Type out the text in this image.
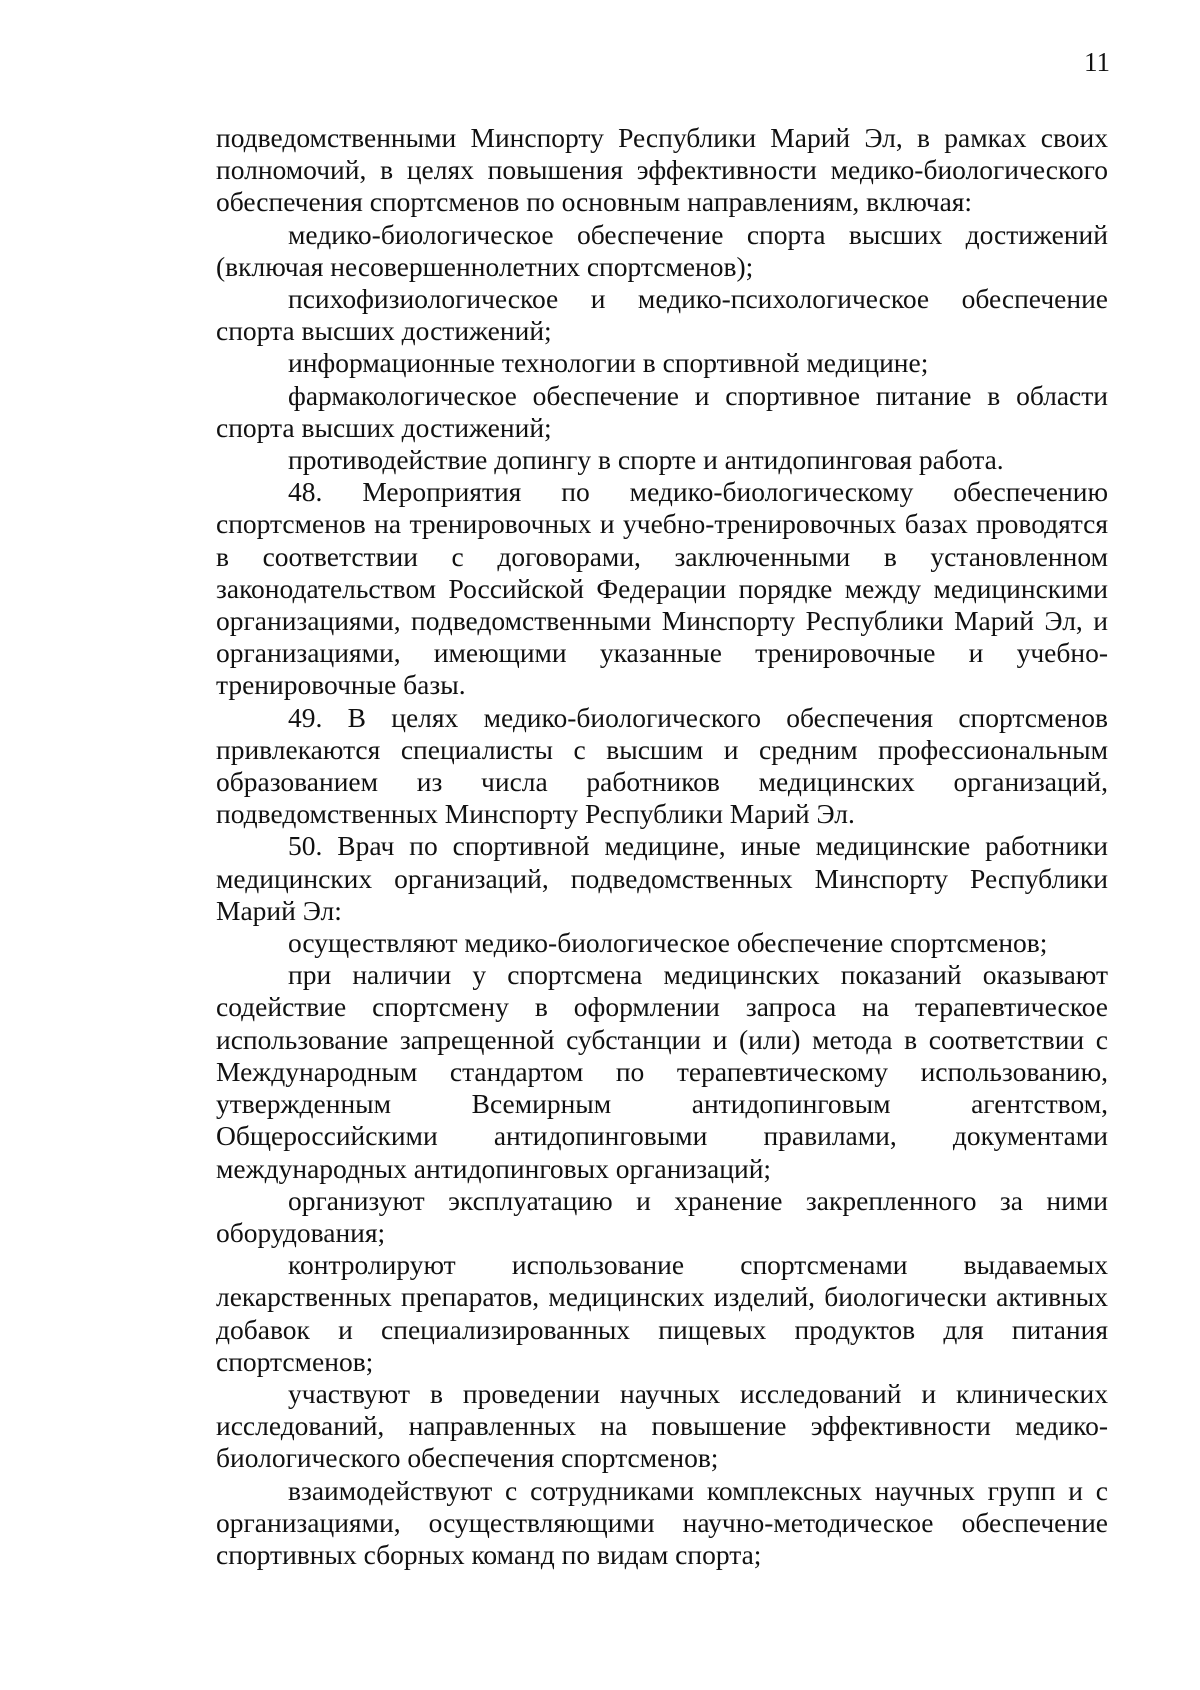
11

подведомственными Минспорту Республики Марий Эл, в рамках своих полномочий, в целях повышения эффективности медико-биологического обеспечения спортсменов по основным направлениям, включая:

медико-биологическое обеспечение спорта высших достижений (включая несовершеннолетних спортсменов);

психофизиологическое и медико-психологическое обеспечение спорта высших достижений;

информационные технологии в спортивной медицине;

фармакологическое обеспечение и спортивное питание в области спорта высших достижений;

противодействие допингу в спорте и антидопинговая работа.

48. Мероприятия по медико-биологическому обеспечению спортсменов на тренировочных и учебно-тренировочных базах проводятся в соответствии с договорами, заключенными в установленном законодательством Российской Федерации порядке между медицинскими организациями, подведомственными Минспорту Республики Марий Эл, и организациями, имеющими указанные тренировочные и учебно-тренировочные базы.

49. В целях медико-биологического обеспечения спортсменов привлекаются специалисты с высшим и средним профессиональным образованием из числа работников медицинских организаций, подведомственных Минспорту Республики Марий Эл.

50. Врач по спортивной медицине, иные медицинские работники медицинских организаций, подведомственных Минспорту Республики Марий Эл:

осуществляют медико-биологическое обеспечение спортсменов;

при наличии у спортсмена медицинских показаний оказывают содействие спортсмену в оформлении запроса на терапевтическое использование запрещенной субстанции и (или) метода в соответствии с Международным стандартом по терапевтическому использованию, утвержденным Всемирным антидопинговым агентством, Общероссийскими антидопинговыми правилами, документами международных антидопинговых организаций;

организуют эксплуатацию и хранение закрепленного за ними оборудования;

контролируют использование спортсменами выдаваемых лекарственных препаратов, медицинских изделий, биологически активных добавок и специализированных пищевых продуктов для питания спортсменов;

участвуют в проведении научных исследований и клинических исследований, направленных на повышение эффективности медико-биологического обеспечения спортсменов;

взаимодействуют с сотрудниками комплексных научных групп и с организациями, осуществляющими научно-методическое обеспечение спортивных сборных команд по видам спорта;
